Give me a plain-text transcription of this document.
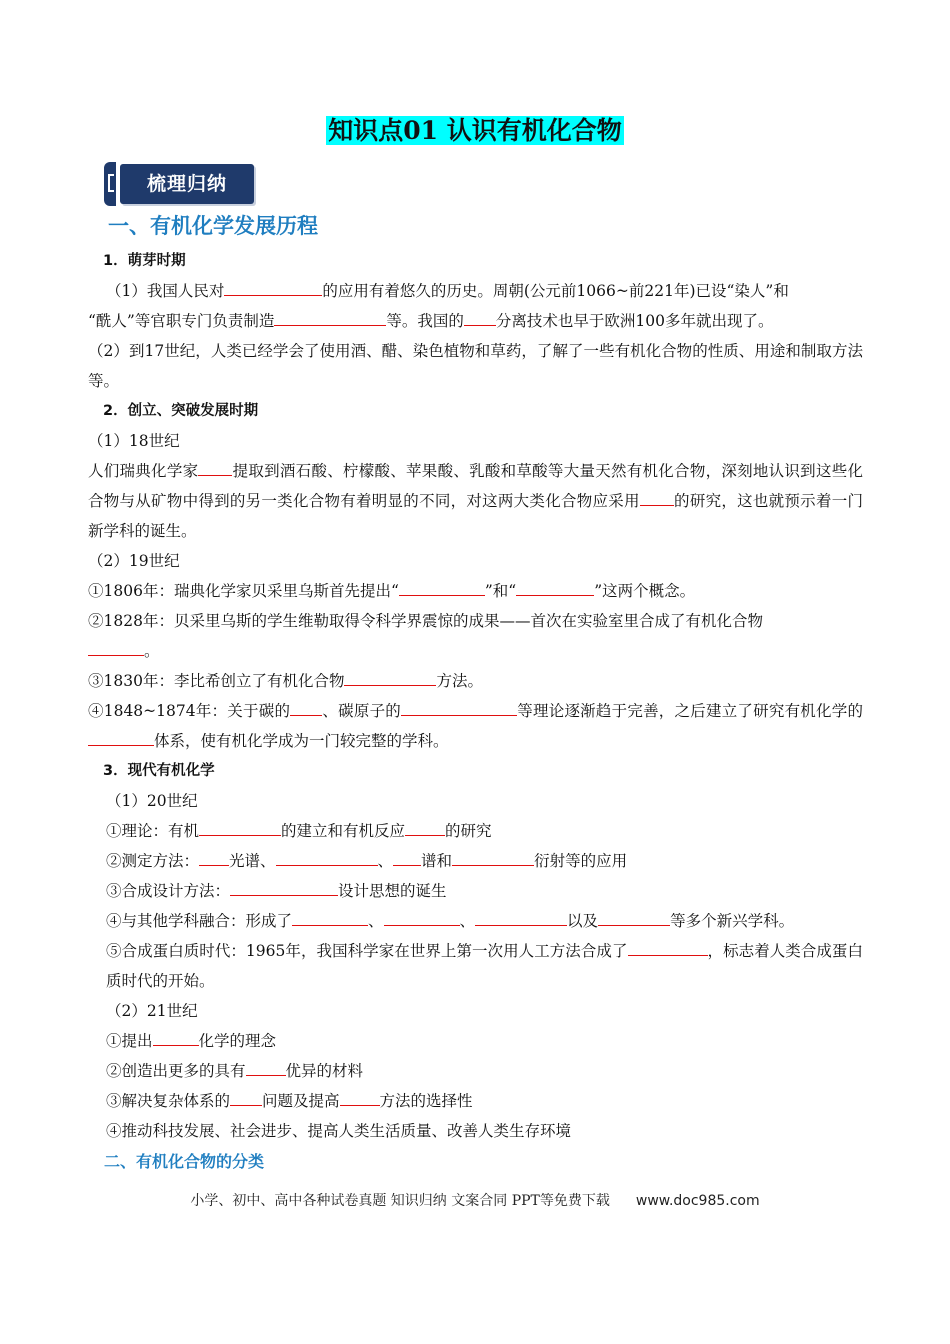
知识点01 认识有机化合物
梳理归纳
一、有机化学发展历程

1．萌芽时期

（1）我国人民对	的应用有着悠久的历史。周朝(公元前1066~前221年)已设“染人”和

“酰人”等官职专门负责制造	等。我国的 分离技术也早于欧洲100多年就出现了。

（2）到17世纪，人类已经学会了使用酒、醋、染色植物和草药，了解了一些有机化合物的性质、用途和制取方法等。

2．创立、突破发展时期

（1）18世纪

人们瑞典化学家 提取到酒石酸、柠檬酸、苹果酸、乳酸和草酸等大量天然有机化合物，深刻地认识到这些化合物与从矿物中得到的另一类化合物有着明显的不同，对这两大类化合物应采用 的研究，这也就预示着一门新学科的诞生。

（2）19世纪

①1806年：瑞典化学家贝采里乌斯首先提出“	”和“	”这两个概念。

②1828年：贝采里乌斯的学生维勒取得令科学界震惊的成果——首次在实验室里合成了有机化合物
。

③1830年：李比希创立了有机化合物	方法。

④1848~1874年：关于碳的 、碳原子的	等理论逐渐趋于完善，之后建立了研究有机化学的体系，使有机化学成为一门较完整的学科。

3．现代有机化学

（1）20世纪

①理论：有机	的建立和有机反应	的研究

②测定方法： 光谱、	、 谱和	衍射等的应用

③合成设计方法：	设计思想的诞生

④与其他学科融合：形成了	、	、	以及	等多个新兴学科。

⑤合成蛋白质时代：1965年，我国科学家在世界上第一次用人工方法合成了	，标志着人类合成蛋白质时代的开始。

（2）21世纪

①提出	化学的理念

②创造出更多的具有	优异的材料

③解决复杂体系的 问题及提高	方法的选择性

④推动科技发展、社会进步、提高人类生活质量、改善人类生存环境

二、有机化合物的分类
小学、初中、高中各种试卷真题 知识归纳 文案合同 PPT等免费下载 www.doc985.com
